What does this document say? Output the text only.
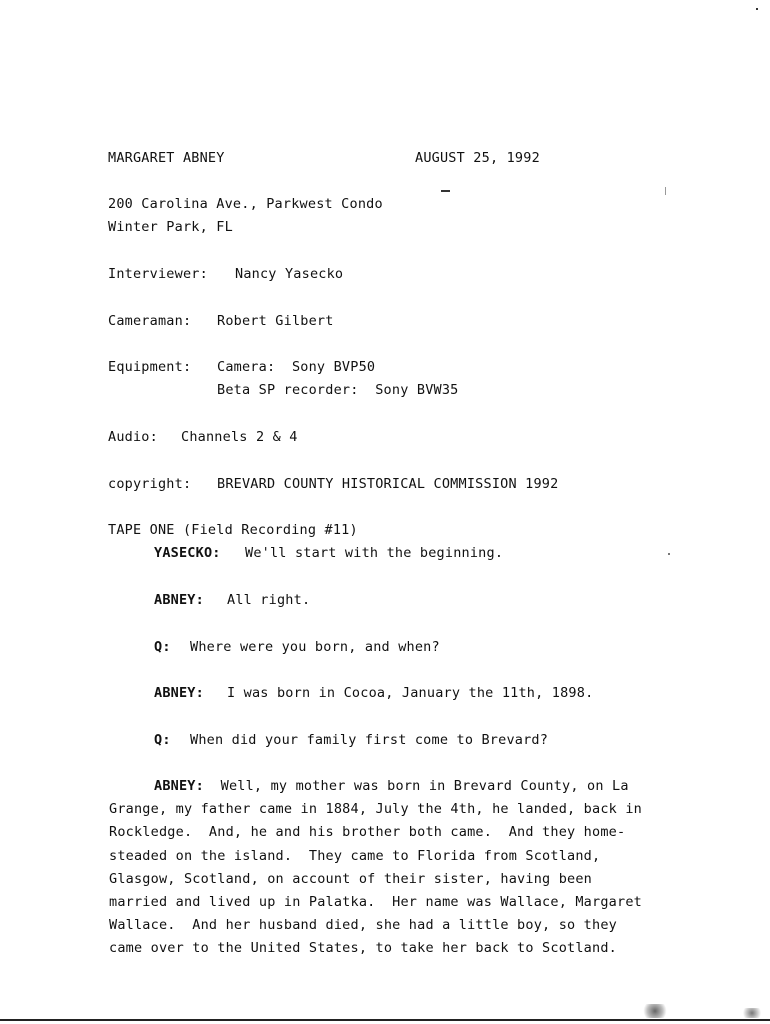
MARGARET ABNEY	AUGUST 25, 1992
200 Carolina Ave., Parkwest Condo
Winter Park, FL
Interviewer: Nancy Yasecko
Cameraman: Robert Gilbert
Equipment: Camera:  Sony BVP50
Beta SP recorder:  Sony BVW35
Audio: Channels 2 & 4
copyright: BREVARD COUNTY HISTORICAL COMMISSION 1992
TAPE ONE (Field Recording #11)
YASECKO: We'll start with the beginning.
ABNEY: All right.
Q: Where were you born, and when?
ABNEY: I was born in Cocoa, January the 11th, 1898.
Q: When did your family first come to Brevard?
ABNEY: Well, my mother was born in Brevard County, on La
Grange, my father came in 1884, July the 4th, he landed, back in
Rockledge.  And, he and his brother both came.  And they home-
steaded on the island.  They came to Florida from Scotland,
Glasgow, Scotland, on account of their sister, having been
married and lived up in Palatka.  Her name was Wallace, Margaret
Wallace.  And her husband died, she had a little boy, so they
came over to the United States, to take her back to Scotland.
